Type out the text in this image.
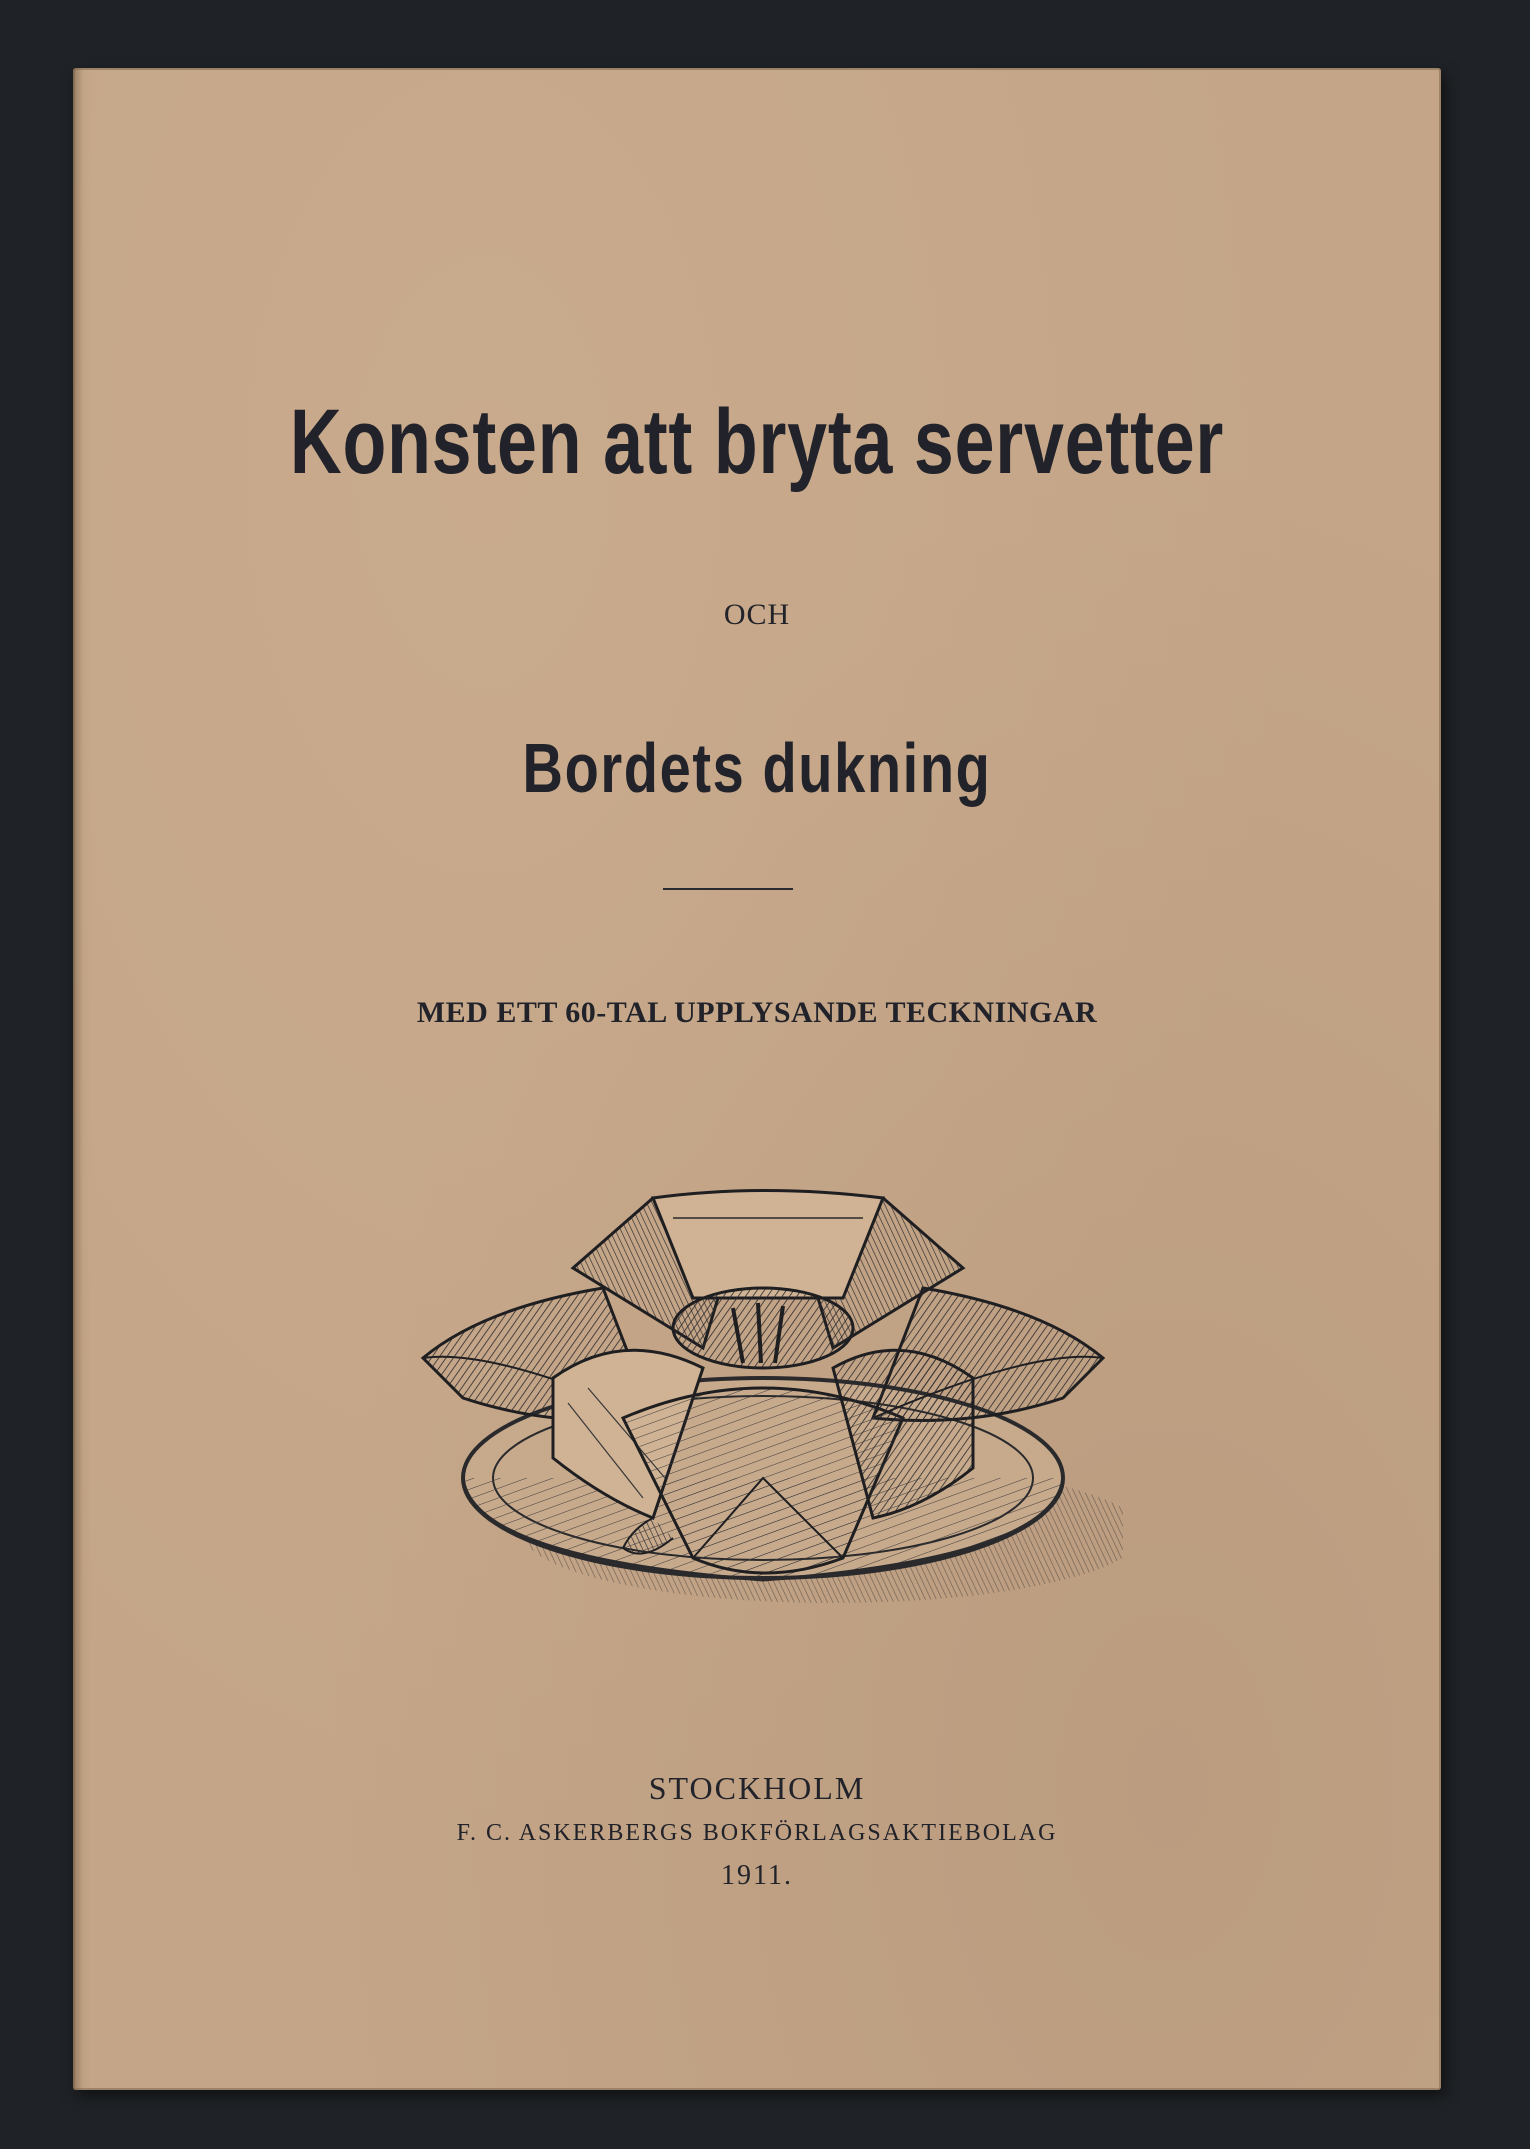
Konsten att bryta servetter
OCH
Bordets dukning
MED ETT 60-TAL UPPLYSANDE TECKNINGAR
STOCKHOLM
F. C. ASKERBERGS BOKFÖRLAGSAKTIEBOLAG
1911.
